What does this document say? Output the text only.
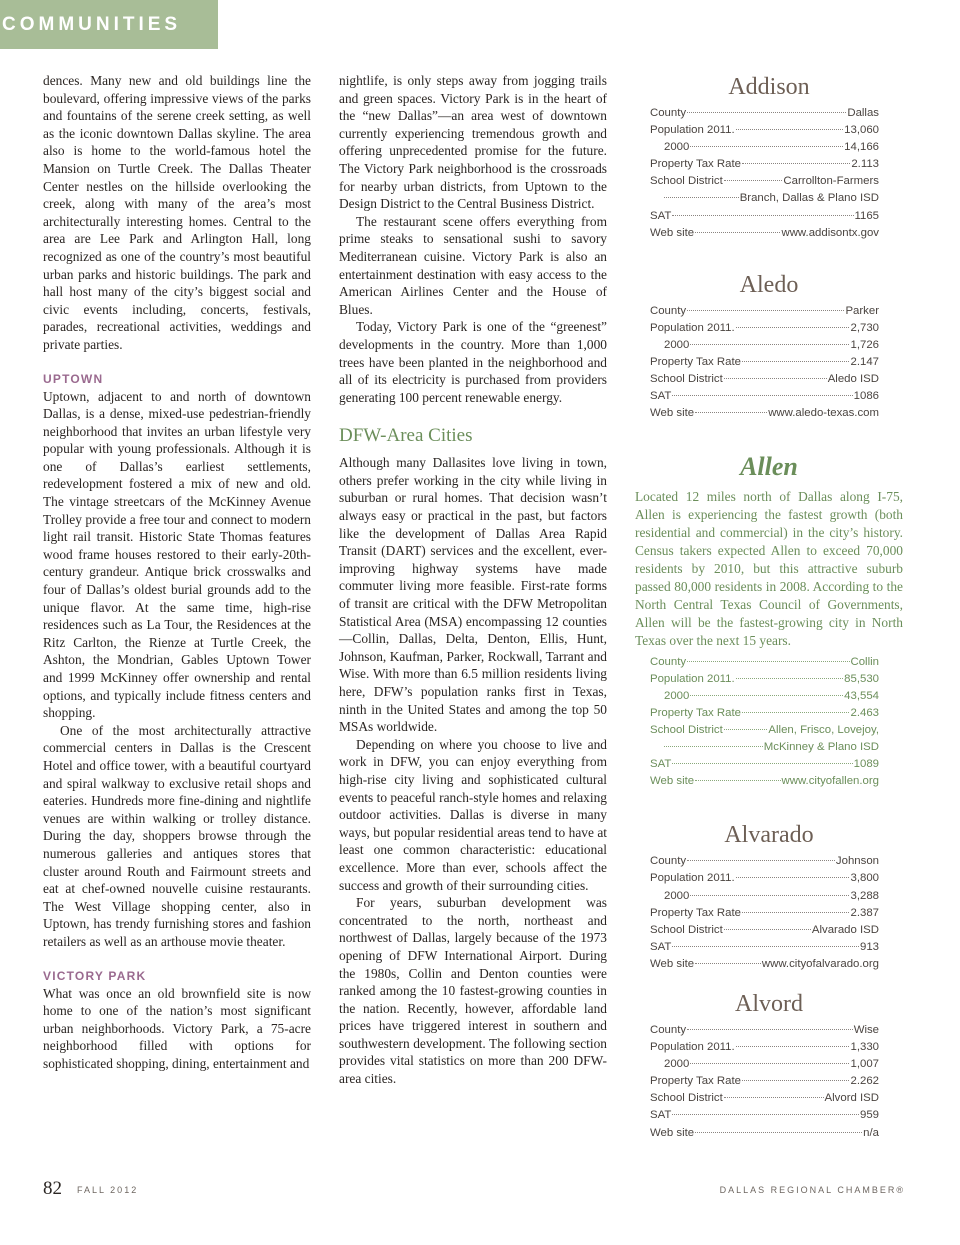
COMMUNITIES

dences. Many new and old buildings line the boulevard, offering impressive views of the parks and fountains of the serene creek setting, as well as the iconic downtown Dallas skyline. The area also is home to the world-famous hotel the Mansion on Turtle Creek. The Dallas Theater Center nestles on the hillside overlooking the creek, along with many of the area’s most architecturally interesting homes. Central to the area are Lee Park and Arlington Hall, long recognized as one of the country’s most beautiful urban parks and historic buildings. The park and hall host many of the city’s biggest social and civic events including, concerts, festivals, parades, recreational activities, weddings and private parties.

UPTOWN

Uptown, adjacent to and north of downtown Dallas, is a dense, mixed-use pedestrian-friendly neighborhood that invites an urban lifestyle very popular with young professionals. Although it is one of Dallas’s earliest settlements, redevelopment fostered a mix of new and old. The vintage streetcars of the McKinney Avenue Trolley provide a free tour and connect to modern light rail transit. Historic State Thomas features wood frame houses restored to their early-20th-century grandeur. Antique brick crosswalks and four of Dallas’s oldest burial grounds add to the unique flavor. At the same time, high-rise residences such as La Tour, the Residences at the Ritz Carlton, the Rienze at Turtle Creek, the Ashton, the Mondrian, Gables Uptown Tower and 1999 McKinney offer ownership and rental options, and typically include fitness centers and shopping.

One of the most architecturally attractive commercial centers in Dallas is the Crescent Hotel and office tower, with a beautiful courtyard and spiral walkway to exclusive retail shops and eateries. Hundreds more fine-dining and nightlife venues are within walking or trolley distance. During the day, shoppers browse through the numerous galleries and antiques stores that cluster around Routh and Fairmount streets and eat at chef-owned nouvelle cuisine restaurants. The West Village shopping center, also in Uptown, has trendy furnishing stores and fashion retailers as well as an arthouse movie theater.

VICTORY PARK

What was once an old brownfield site is now home to one of the nation’s most significant urban neighborhoods. Victory Park, a 75-acre neighborhood filled with options for sophisticated shopping, dining, entertainment and

nightlife, is only steps away from jogging trails and green spaces. Victory Park is in the heart of the “new Dallas”—an area west of downtown currently experiencing tremendous growth and offering unprecedented promise for the future. The Victory Park neighborhood is the crossroads for nearby urban districts, from Uptown to the Design District to the Central Business District.

The restaurant scene offers everything from prime steaks to sensational sushi to savory Mediterranean cuisine. Victory Park is also an entertainment destination with easy access to the American Airlines Center and the House of Blues.

Today, Victory Park is one of the “greenest” developments in the country. More than 1,000 trees have been planted in the neighborhood and all of its electricity is purchased from providers generating 100 percent renewable energy.

DFW-Area Cities

Although many Dallasites love living in town, others prefer working in the city while living in suburban or rural homes. That decision wasn’t always easy or practical in the past, but factors like the development of Dallas Area Rapid Transit (DART) services and the excellent, ever-improving highway systems have made commuter living more feasible. First-rate forms of transit are critical with the DFW Metropolitan Statistical Area (MSA) encompassing 12 counties—Collin, Dallas, Delta, Denton, Ellis, Hunt, Johnson, Kaufman, Parker, Rockwall, Tarrant and Wise. With more than 6.5 million residents living here, DFW’s population ranks first in Texas, ninth in the United States and among the top 50 MSAs worldwide.

Depending on where you choose to live and work in DFW, you can enjoy everything from high-rise city living and sophisticated cultural events to peaceful ranch-style homes and relaxing outdoor activities. Dallas is diverse in many ways, but popular residential areas tend to have at least one common characteristic: educational excellence. More than ever, schools affect the success and growth of their surrounding cities.

For years, suburban development was concentrated to the north, northeast and northwest of Dallas, largely because of the 1973 opening of DFW International Airport. During the 1980s, Collin and Denton counties were ranked among the 10 fastest-growing counties in the nation. Recently, however, affordable land prices have triggered interest in southern and southwestern development. The following section provides vital statistics on more than 200 DFW-area cities.

Addison
County	Dallas
Population 2011.	13,060
2000	14,166
Property Tax Rate	2.113
School District	Carrollton-Farmers
Branch, Dallas & Plano ISD
SAT	1165
Web site	www.addisontx.gov
Aledo
County	Parker
Population 2011.	2,730
2000	1,726
Property Tax Rate	2.147
School District	Aledo ISD
SAT	1086
Web site	www.aledo-texas.com
Allen
Located 12 miles north of Dallas along I-75, Allen is experiencing the fastest growth (both residential and commercial) in the city’s history. Census takers expected Allen to exceed 70,000 residents by 2010, but this attractive suburb passed 80,000 residents in 2008. According to the North Central Texas Council of Governments, Allen will be the fastest-growing city in North Texas over the next 15 years.
County	Collin
Population 2011.	85,530
2000	43,554
Property Tax Rate	2.463
School District	Allen, Frisco, Lovejoy,
McKinney & Plano ISD
SAT	1089
Web site	www.cityofallen.org
Alvarado
County	Johnson
Population 2011.	3,800
2000	3,288
Property Tax Rate	2.387
School District	Alvarado ISD
SAT	913
Web site	www.cityofalvarado.org
Alvord
County	Wise
Population 2011.	1,330
2000	1,007
Property Tax Rate	2.262
School District	Alvord ISD
SAT	959
Web site	n/a
82 FALL 2012	DALLAS REGIONAL CHAMBER®
